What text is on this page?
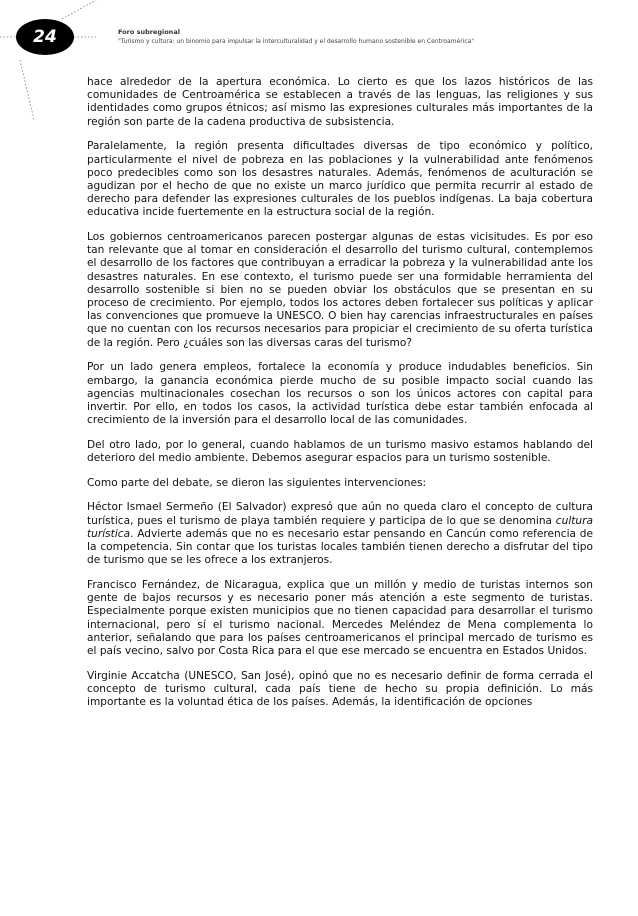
24	Foro subregional
"Turismo y cultura: un binomio para impulsar la interculturalidad y el desarrollo humano sostenible en Centroamérica"

hace alrededor de la apertura económica. Lo cierto es que los lazos históricos de las comunidades de Centroamérica se establecen a través de las lenguas, las religiones y sus identidades como grupos étnicos; así mismo las expresiones culturales más importantes de la región son parte de la cadena productiva de subsistencia.

Paralelamente, la región presenta dificultades diversas de tipo económico y político, particularmente el nivel de pobreza en las poblaciones y la vulnerabilidad ante fenómenos poco predecibles como son los desastres naturales. Además, fenómenos de aculturación se agudizan por el hecho de que no existe un marco jurídico que permita recurrir al estado de derecho para defender las expresiones culturales de los pueblos indígenas. La baja cobertura educativa incide fuertemente en la estructura social de la región.

Los gobiernos centroamericanos parecen postergar algunas de estas vicisitudes. Es por eso tan relevante que al tomar en consideración el desarrollo del turismo cultural, contemplemos el desarrollo de los factores que contribuyan a erradicar la pobreza y la vulnerabilidad ante los desastres naturales. En ese contexto, el turismo puede ser una formidable herramienta del desarrollo sostenible si bien no se pueden obviar los obstáculos que se presentan en su proceso de crecimiento. Por ejemplo, todos los actores deben fortalecer sus políticas y aplicar las convenciones que promueve la UNESCO. O bien hay carencias infraestructurales en países que no cuentan con los recursos necesarios para propiciar el crecimiento de su oferta turística de la región. Pero ¿cuáles son las diversas caras del turismo?

Por un lado genera empleos, fortalece la economía y produce indudables beneficios. Sin embargo, la ganancia económica pierde mucho de su posible impacto social cuando las agencias multinacionales cosechan los recursos o son los únicos actores con capital para invertir. Por ello, en todos los casos, la actividad turística debe estar también enfocada al crecimiento de la inversión para el desarrollo local de las comunidades.

Del otro lado, por lo general, cuando hablamos de un turismo masivo estamos hablando del deterioro del medio ambiente. Debemos asegurar espacios para un turismo sostenible.

Como parte del debate, se dieron las siguientes intervenciones:

Héctor Ismael Sermeño (El Salvador) expresó que aún no queda claro el concepto de cultura turística, pues el turismo de playa también requiere y participa de lo que se denomina cultura turística. Advierte además que no es necesario estar pensando en Cancún como referencia de la competencia. Sin contar que los turistas locales también tienen derecho a disfrutar del tipo de turismo que se les ofrece a los extranjeros.

Francisco Fernández, de Nicaragua, explica que un millón y medio de turistas internos son gente de bajos recursos y es necesario poner más atención a este segmento de turistas. Especialmente porque existen municipios que no tienen capacidad para desarrollar el turismo internacional, pero sí el turismo nacional. Mercedes Meléndez de Mena complementa lo anterior, señalando que para los países centroamericanos el principal mercado de turismo es el país vecino, salvo por Costa Rica para el que ese mercado se encuentra en Estados Unidos.

Virginie Accatcha (UNESCO, San José), opinó que no es necesario definir de forma cerrada el concepto de turismo cultural, cada país tiene de hecho su propia definición. Lo más importante es la voluntad ética de los países. Además, la identificación de opciones
